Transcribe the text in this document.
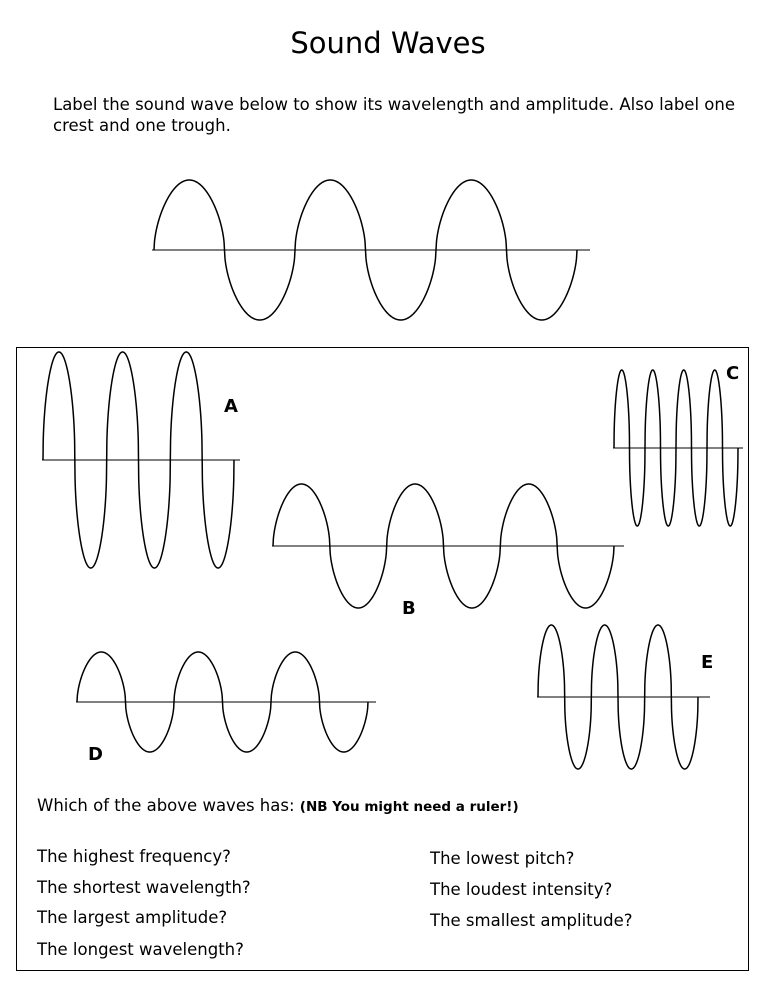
Sound Waves
Label the sound wave below to show its wavelength and amplitude. Also label one crest and one trough.
A
B
C
D
E
Which of the above waves has: (NB You might need a ruler!)
The highest frequency?
The shortest wavelength?
The largest amplitude?
The longest wavelength?
The lowest pitch?
The loudest intensity?
The smallest amplitude?
